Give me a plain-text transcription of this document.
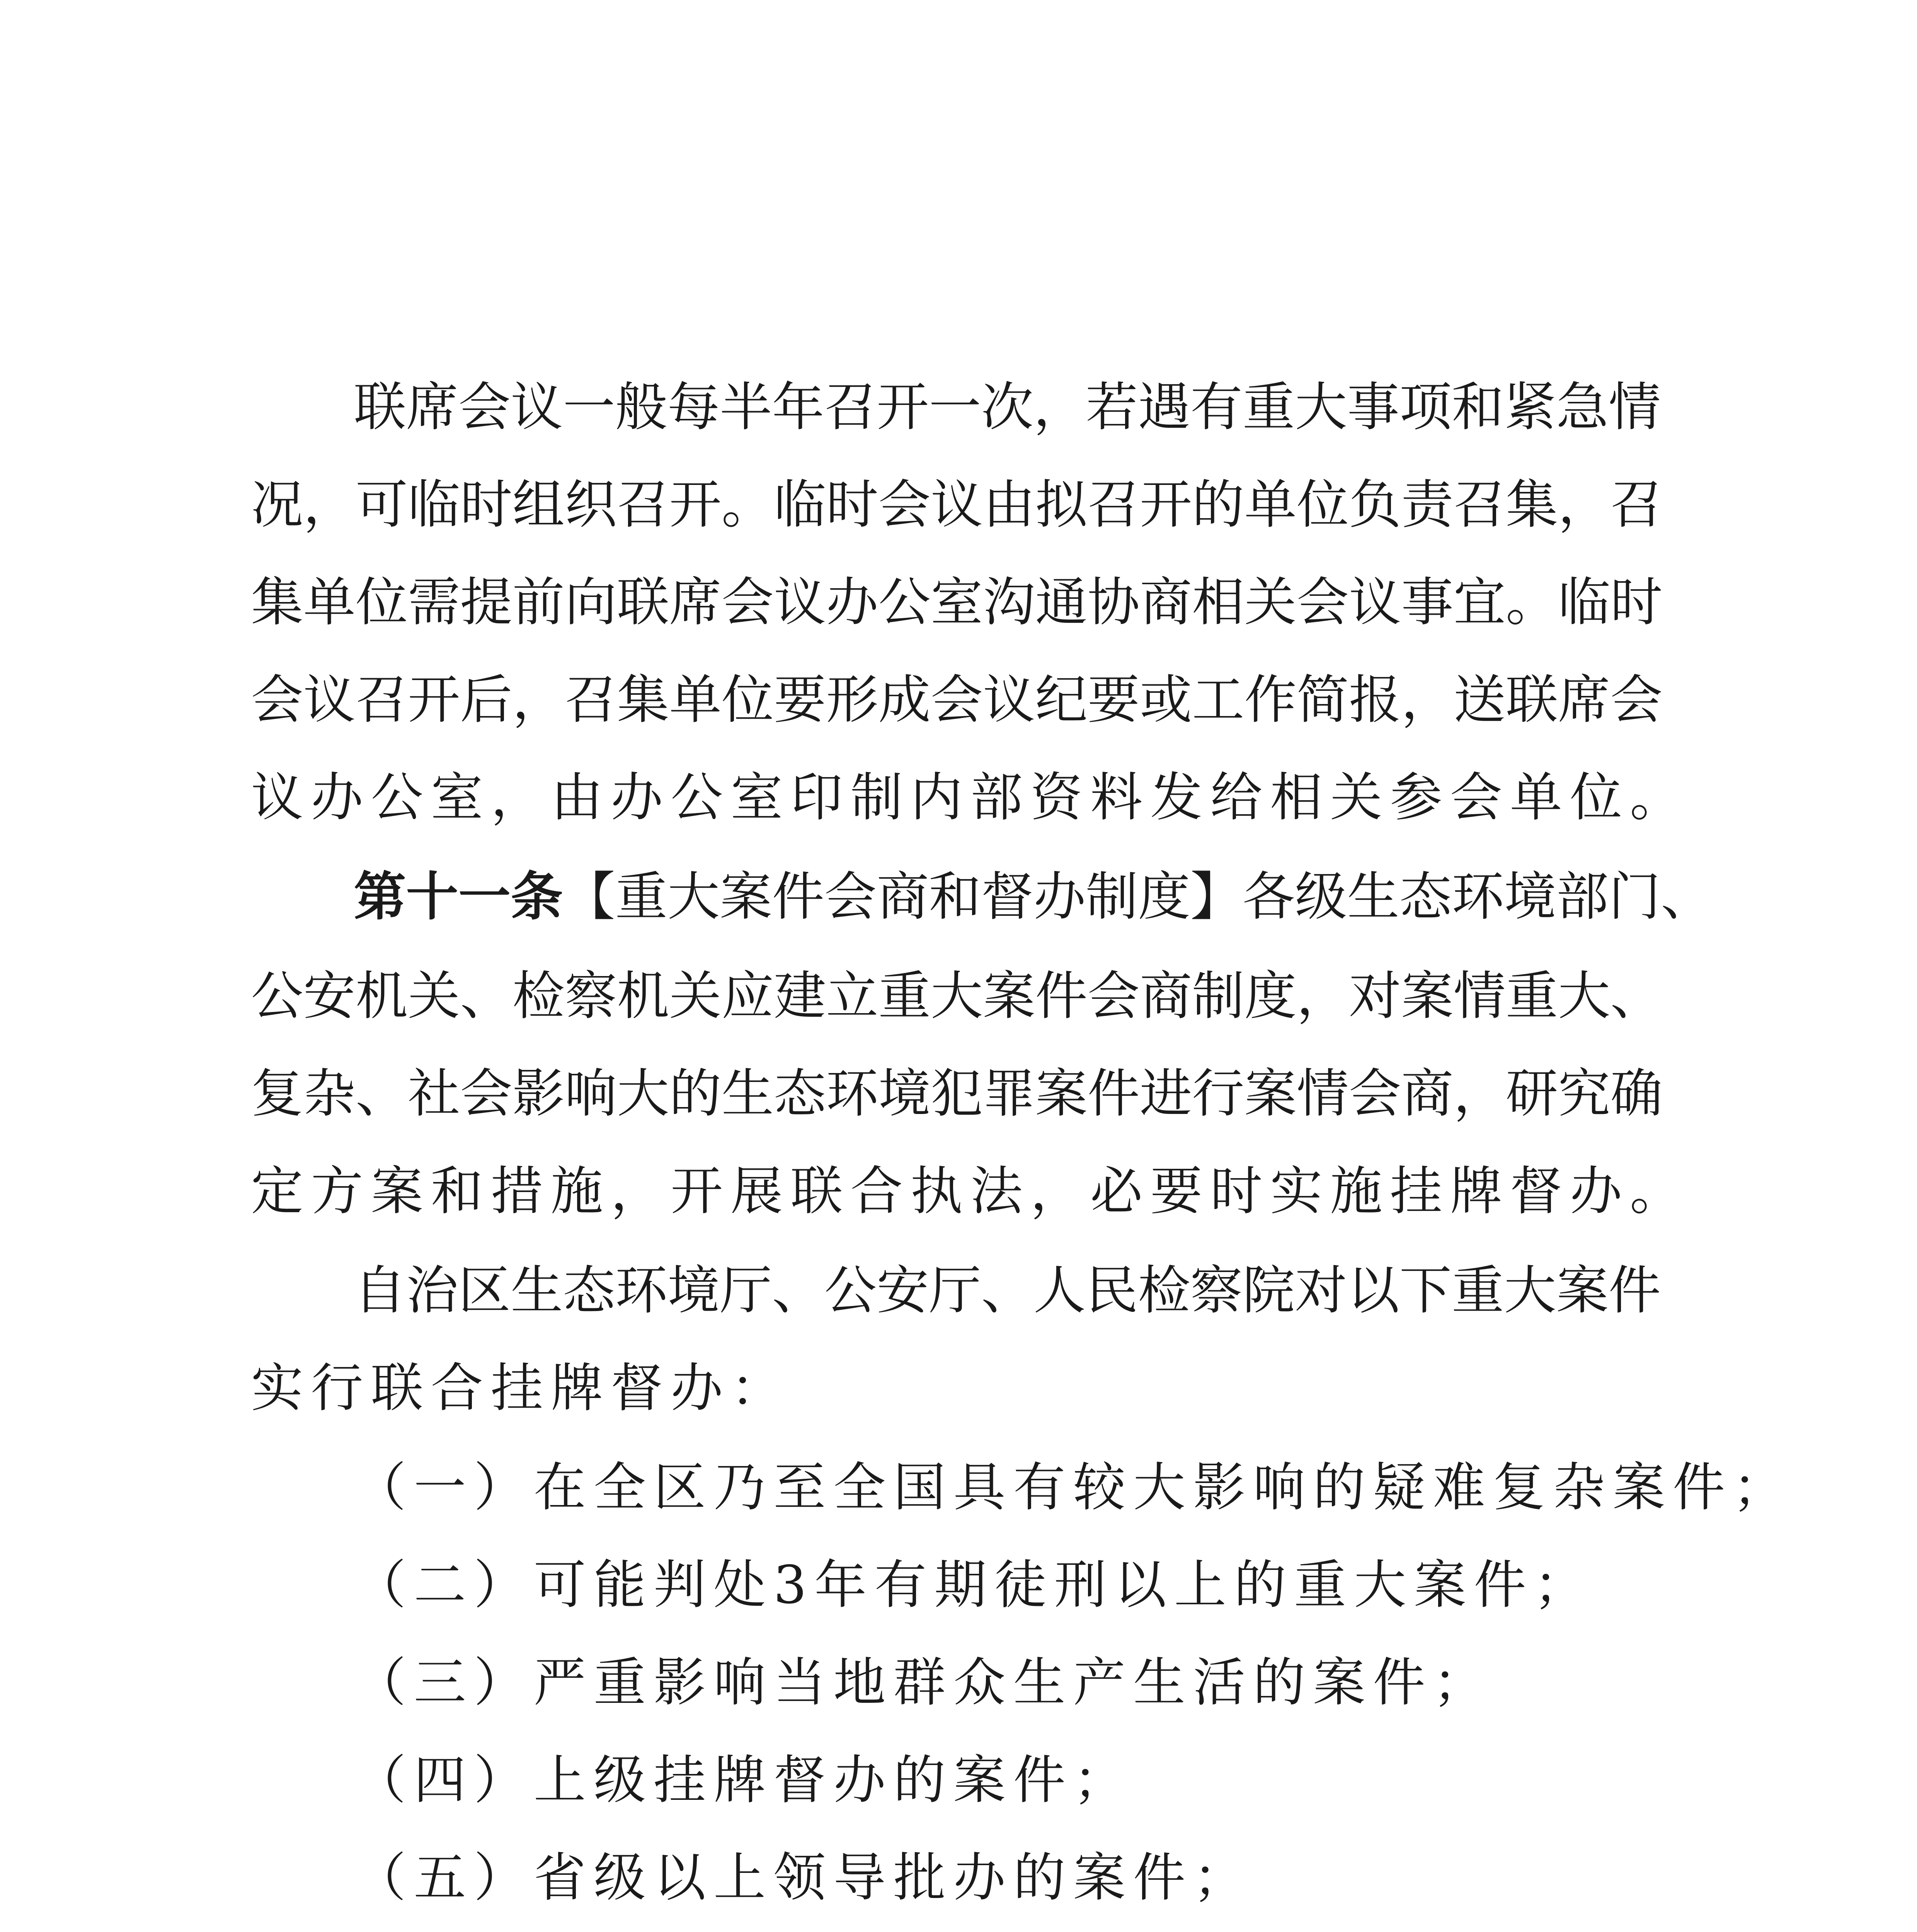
联席会议一般每半年召开一次，若遇有重大事项和紧急情
况，可临时组织召开。临时会议由拟召开的单位负责召集，召
集单位需提前向联席会议办公室沟通协商相关会议事宜。临时
会议召开后，召集单位要形成会议纪要或工作简报，送联席会
议办公室，由办公室印制内部资料发给相关参会单位。
第十一条【重大案件会商和督办制度】各级生态环境部门、
公安机关、检察机关应建立重大案件会商制度，对案情重大、
复杂、社会影响大的生态环境犯罪案件进行案情会商，研究确
定方案和措施，开展联合执法，必要时实施挂牌督办。
自治区生态环境厅、公安厅、人民检察院对以下重大案件
实行联合挂牌督办：
（一）在全区乃至全国具有较大影响的疑难复杂案件；
（二）可能判处3年有期徒刑以上的重大案件；
（三）严重影响当地群众生产生活的案件；
（四）上级挂牌督办的案件；
（五）省级以上领导批办的案件；
